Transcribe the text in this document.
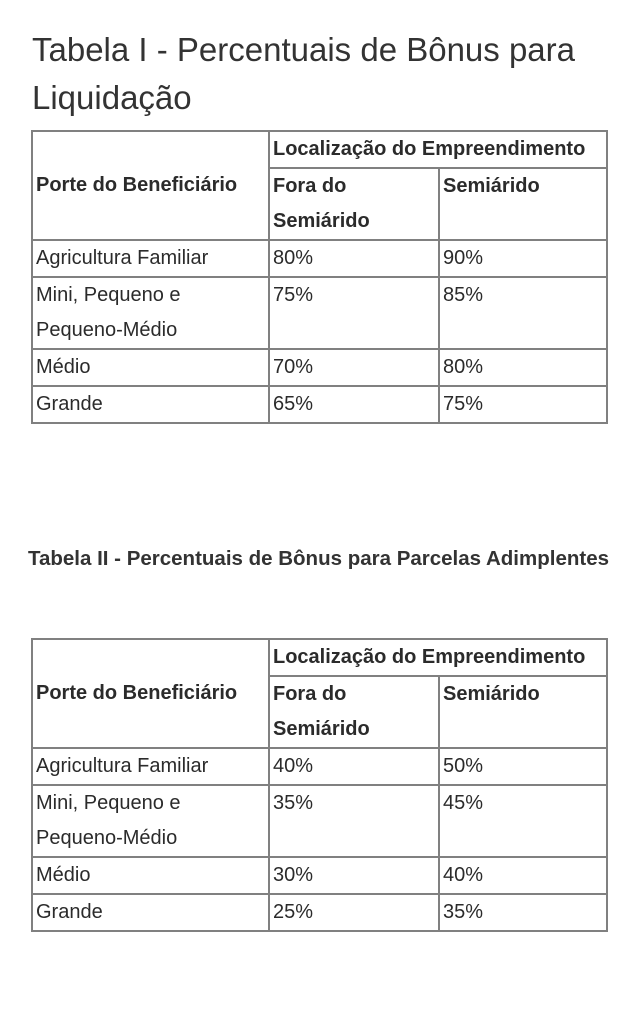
Tabela I - Percentuais de Bônus para Liquidação
Porte do Beneficiário	Localização do Empreendimento	
	Fora do Semiárido	Semiárido
Agricultura Familiar	80%	90%
Mini, Pequeno e Pequeno-Médio	75%	85%
Médio	70%	80%
Grande	65%	75%
Tabela II - Percentuais de Bônus para Parcelas Adimplentes
Porte do Beneficiário	Localização do Empreendimento	
	Fora do Semiárido	Semiárido
Agricultura Familiar	40%	50%
Mini, Pequeno e Pequeno-Médio	35%	45%
Médio	30%	40%
Grande	25%	35%
